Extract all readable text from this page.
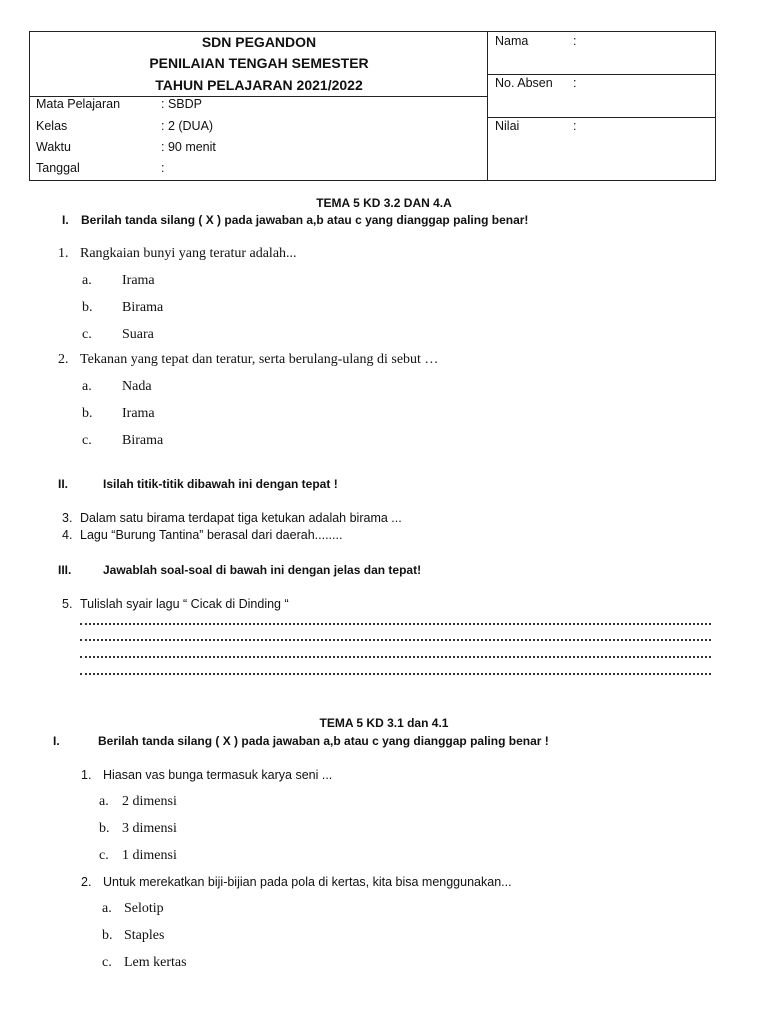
SDN PEGANDON
PENILAIAN TENGAH SEMESTER
TAHUN PELAJARAN 2021/2022
Mata Pelajaran	: SBDP
Kelas	: 2 (DUA)
Waktu	: 90 menit
Tanggal	:
Nama	:
No. Absen :
Nilai	:
TEMA 5 KD 3.2 DAN 4.A
I. Berilah tanda silang ( X ) pada jawaban a,b atau c yang dianggap paling benar!
1. Rangkaian bunyi yang teratur adalah...
a. Irama
b. Birama
c. Suara
2. Tekanan yang tepat dan teratur, serta berulang-ulang di sebut …
a. Nada
b. Irama
c. Birama
II.	Isilah titik-titik dibawah ini dengan tepat !
3. Dalam satu birama terdapat tiga ketukan adalah birama ...
4. Lagu “Burung Tantina” berasal dari daerah........
III.	Jawablah soal-soal di bawah ini dengan jelas dan tepat!
5. Tulislah syair lagu “ Cicak di Dinding “
TEMA 5 KD 3.1 dan 4.1
I.	Berilah tanda silang ( X ) pada jawaban a,b atau c yang dianggap paling benar !
1. Hiasan vas bunga termasuk karya seni ...
a. 2 dimensi
b. 3 dimensi
c. 1 dimensi
2. Untuk merekatkan biji-bijian pada pola di kertas, kita bisa menggunakan...
a. Selotip
b. Staples
c. Lem kertas
